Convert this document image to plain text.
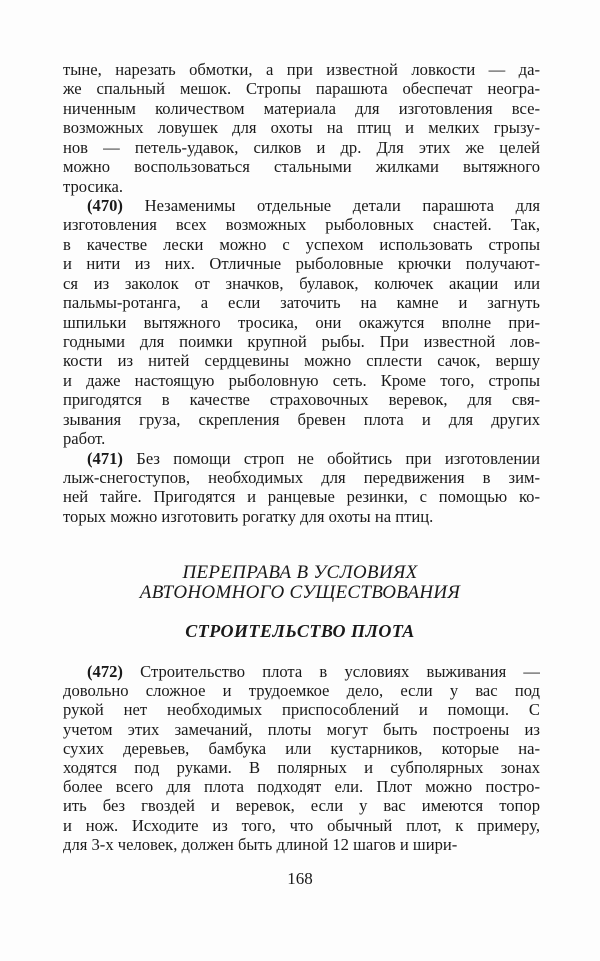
ПЕРЕПРАВА В УСЛОВИЯХ
АВТОНОМНОГО СУЩЕСТВОВАНИЯ
СТРОИТЕЛЬСТВО ПЛОТА
168
тыне, нарезать обмотки, а при известной ловкости — да-
же спальный мешок. Стропы парашюта обеспечат неогра-
ниченным количеством материала для изготовления все-
возможных ловушек для охоты на птиц и мелких грызу-
нов — петель-удавок, силков и др. Для этих же целей
можно воспользоваться стальными жилками вытяжного
тросика.
(470) Незаменимы отдельные детали парашюта для
изготовления всех возможных рыболовных снастей. Так,
в качестве лески можно с успехом использовать стропы
и нити из них. Отличные рыболовные крючки получают-
ся из заколок от значков, булавок, колючек акации или
пальмы-ротанга, а если заточить на камне и загнуть
шпильки вытяжного тросика, они окажутся вполне при-
годными для поимки крупной рыбы. При известной лов-
кости из нитей сердцевины можно сплести сачок, вершу
и даже настоящую рыболовную сеть. Кроме того, стропы
пригодятся в качестве страховочных веревок, для свя-
зывания груза, скрепления бревен плота и для других
работ.
(471) Без помощи строп не обойтись при изготовлении
лыж-снегоступов, необходимых для передвижения в зим-
ней тайге. Пригодятся и ранцевые резинки, с помощью ко-
торых можно изготовить рогатку для охоты на птиц.
(472) Строительство плота в условиях выживания —
довольно сложное и трудоемкое дело, если у вас под
рукой нет необходимых приспособлений и помощи. С
учетом этих замечаний, плоты могут быть построены из
сухих деревьев, бамбука или кустарников, которые на-
ходятся под руками. В полярных и субполярных зонах
более всего для плота подходят ели. Плот можно постро-
ить без гвоздей и веревок, если у вас имеются топор
и нож. Исходите из того, что обычный плот, к примеру,
для 3-х человек, должен быть длиной 12 шагов и шири-
